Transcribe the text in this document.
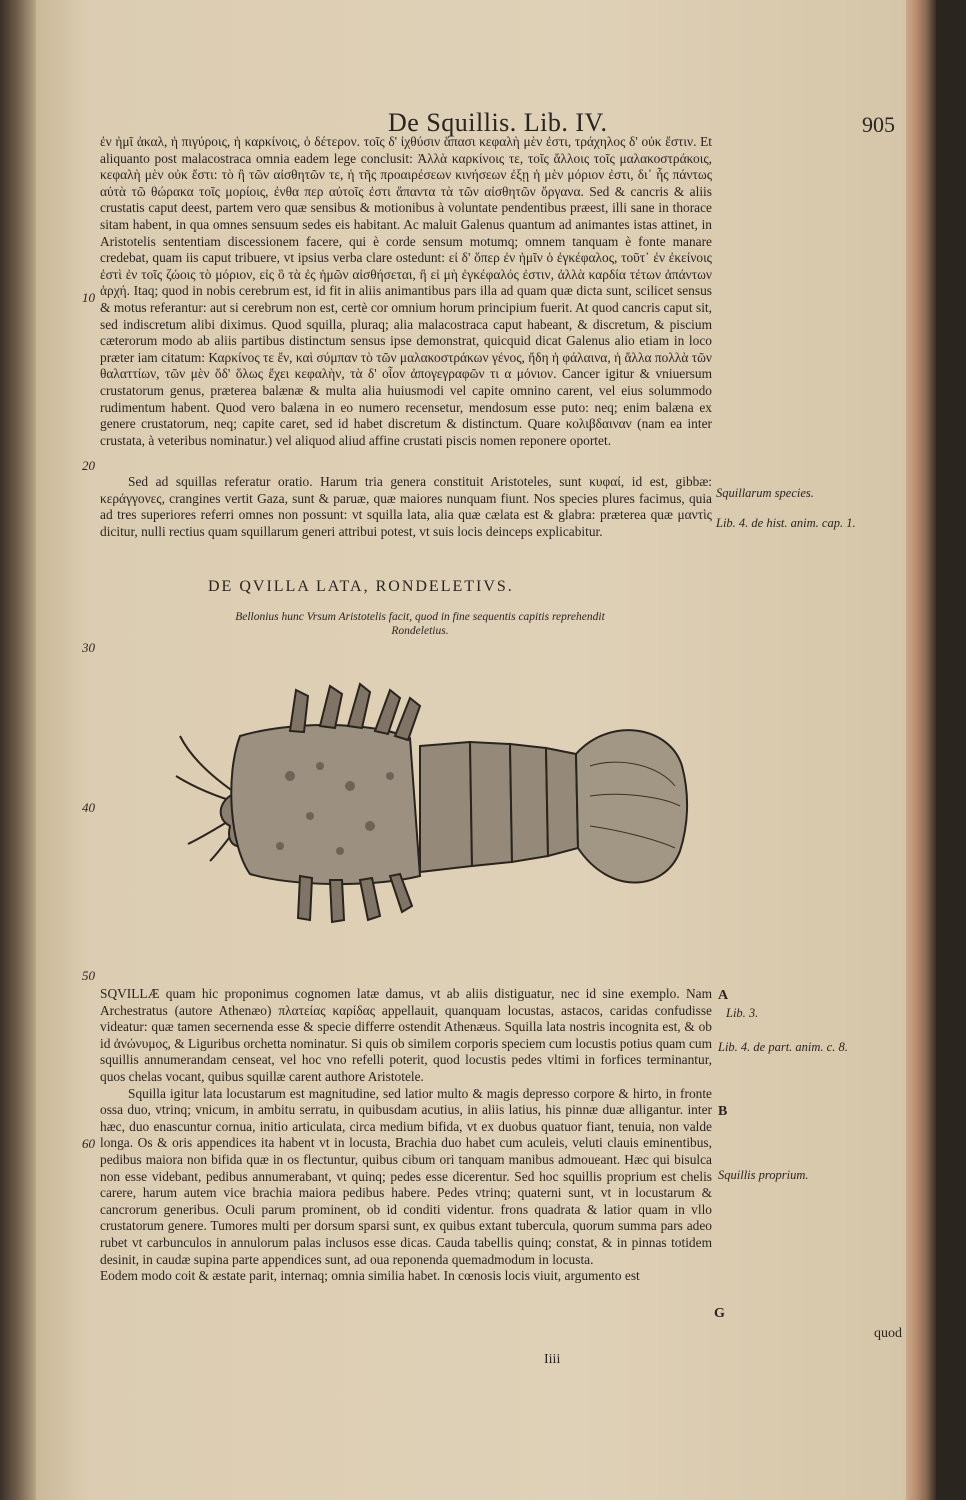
De Squillis. Lib. IV.	905

ἐν ἡμῖ ἀκαλ, ἡ πιγύροις, ἡ καρκίνοις, ὁ δέτερον. τοῖς δ' ἰχθύσιν ἅπασι κεφαλὴ μὲν ἐστι, τράχηλος δ' οὐκ ἔστιν. Et aliquanto post malacostraca omnia eadem lege conclusit: Ἀλλὰ καρκίνοις τε, τοῖς ἄλλοις τοῖς μαλακοστράκοις, κεφαλὴ μὲν οὐκ ἔστι: τὸ ἢ τῶν αἰσθητῶν τε, ἡ τῆς προαιρέσεων κινήσεων ἐξῃ ἡ μὲν μόριον ἐστι, δι᾽ ἧς πάντως αὐτὰ τῶ θώρακα τοῖς μορίοις, ἐνθα περ αὐτοῖς ἐστι ἅπαντα τὰ τῶν αἰσθητῶν ὄργανα. Sed & cancris & aliis crustatis caput deest, partem vero quæ sensibus & motionibus à voluntate pendentibus præest, illi sane in thorace sitam habent, in qua omnes sensuum sedes eis habitant. Ac maluit Galenus quantum ad animantes istas attinet, in Aristotelis sententiam discessionem facere, qui è corde sensum motumq; omnem tanquam è fonte manare credebat, quam iis caput tribuere, vt ipsius verba clare ostedunt: εἰ δ' ὅπερ ἐν ἡμῖν ὁ ἐγκέφαλος, τοῦτ᾽ ἐν ἐκείνοις ἐστὶ ἐν τοῖς ζώοις τὸ μόριον, εἰς ὃ τὰ ἐς ἡμῶν αἰσθήσεται, ἢ εἰ μὴ ἐγκέφαλός ἐστιν, ἀλλὰ καρδία τέτων ἁπάντων ἀρχή. Itaq; quod in nobis cerebrum est, id fit in aliis animantibus pars illa ad quam quæ dicta sunt, scilicet sensus & motus referantur: aut si cerebrum non est, certè cor omnium horum principium fuerit. At quod cancris caput sit, sed indiscretum alibi diximus. Quod squilla, pluraq; alia malacostraca caput habeant, & discretum, & piscium cæterorum modo ab aliis partibus distinctum sensus ipse demonstrat, quicquid dicat Galenus alio etiam in loco præter iam citatum: Καρκίνος τε ἔν, καὶ σύμπαν τὸ τῶν μαλακοστράκων γένος, ἤδη ἡ φάλαινα, ἡ ἄλλα πολλὰ τῶν θαλαττίων, τῶν μὲν ὅδ' ὅλως ἔχει κεφαλὴν, τὰ δ' οἷον ἀπογεγραφῶν τι α μόνιον. Cancer igitur & vniuersum crustatorum genus, præterea balænæ & multa alia huiusmodi vel capite omnino carent, vel eius solummodo rudimentum habent. Quod vero balæna in eo numero recensetur, mendosum esse puto: neq; enim balæna ex genere crustatorum, neq; capite caret, sed id habet discretum & distinctum. Quare κολιβδαιναν (nam ea inter crustata, à veteribus nominatur.) vel aliquod aliud affine crustati piscis nomen reponere oportet.

Sed ad squillas referatur oratio. Harum tria genera constituit Aristoteles, sunt κυφαί, id est, gibbæ: κεράγγονες, crangines vertit Gaza, sunt & paruæ, quæ maiores nunquam fiunt. Nos species plures facimus, quia ad tres superiores referri omnes non possunt: vt squilla lata, alia quæ cælata est & glabra: præterea quæ μαντὶς dicitur, nulli rectius quam squillarum generi attribui potest, vt suis locis deinceps explicabitur.

DE QVILLA LATA, RONDELETIVS.
Bellonius hunc Vrsum Aristotelis facit, quod in fine sequentis capitis reprehendit Rondeletius.

SQVILLÆ quam hic proponimus cognomen latæ damus, vt ab aliis distiguatur, nec id sine exemplo. Nam Archestratus (autore Athenæo) πλατείας καρίδας appellauit, quanquam locustas, astacos, caridas confudisse videatur: quæ tamen secernenda esse & specie differre ostendit Athenæus. Squilla lata nostris incognita est, & ob id ἀνώνυμος, & Liguribus orchetta nominatur. Si quis ob similem corporis speciem cum locustis potius quam cum squillis annumerandam censeat, vel hoc vno refelli poterit, quod locustis pedes vltimi in forfices terminantur, quos chelas vocant, quibus squillæ carent authore Aristotele.

Squilla igitur lata locustarum est magnitudine, sed latior multo & magis depresso corpore & hirto, in fronte ossa duo, vtrinq; vnicum, in ambitu serratu, in quibusdam acutius, in aliis latius, his pinnæ duæ alligantur. inter hæc, duo enascuntur cornua, initio articulata, circa medium bifida, vt ex duobus quatuor fiant, tenuia, non valde longa. Os & oris appendices ita habent vt in locusta, Brachia duo habet cum aculeis, veluti clauis eminentibus, pedibus maiora non bifida quæ in os flectuntur, quibus cibum ori tanquam manibus admoueant. Hæc qui bisulca non esse videbant, pedibus annumerabant, vt quinq; pedes esse dicerentur. Sed hoc squillis proprium est chelis carere, harum autem vice brachia maiora pedibus habere. Pedes vtrinq; quaterni sunt, vt in locustarum & cancrorum generibus. Oculi parum prominent, ob id conditi videntur. frons quadrata & latior quam in vllo crustatorum genere. Tumores multi per dorsum sparsi sunt, ex quibus extant tubercula, quorum summa pars adeo rubet vt carbunculos in annulorum palas inclusos esse dicas. Cauda tabellis quinq; constat, & in pinnas totidem desinit, in caudæ supina parte appendices sunt, ad oua reponenda quemadmodum in locusta.

Eodem modo coit & æstate parit, internaq; omnia similia habet. In cœnosis locis viuit, argumento est

10
20
30
40
50
60
Squillarum species.
Lib. 4. de hist. anim. cap. 1.
A
Lib. 3.
Lib. 4. de part. anim. c. 8.
B
Squillis proprium.
G
Iiii
quod
